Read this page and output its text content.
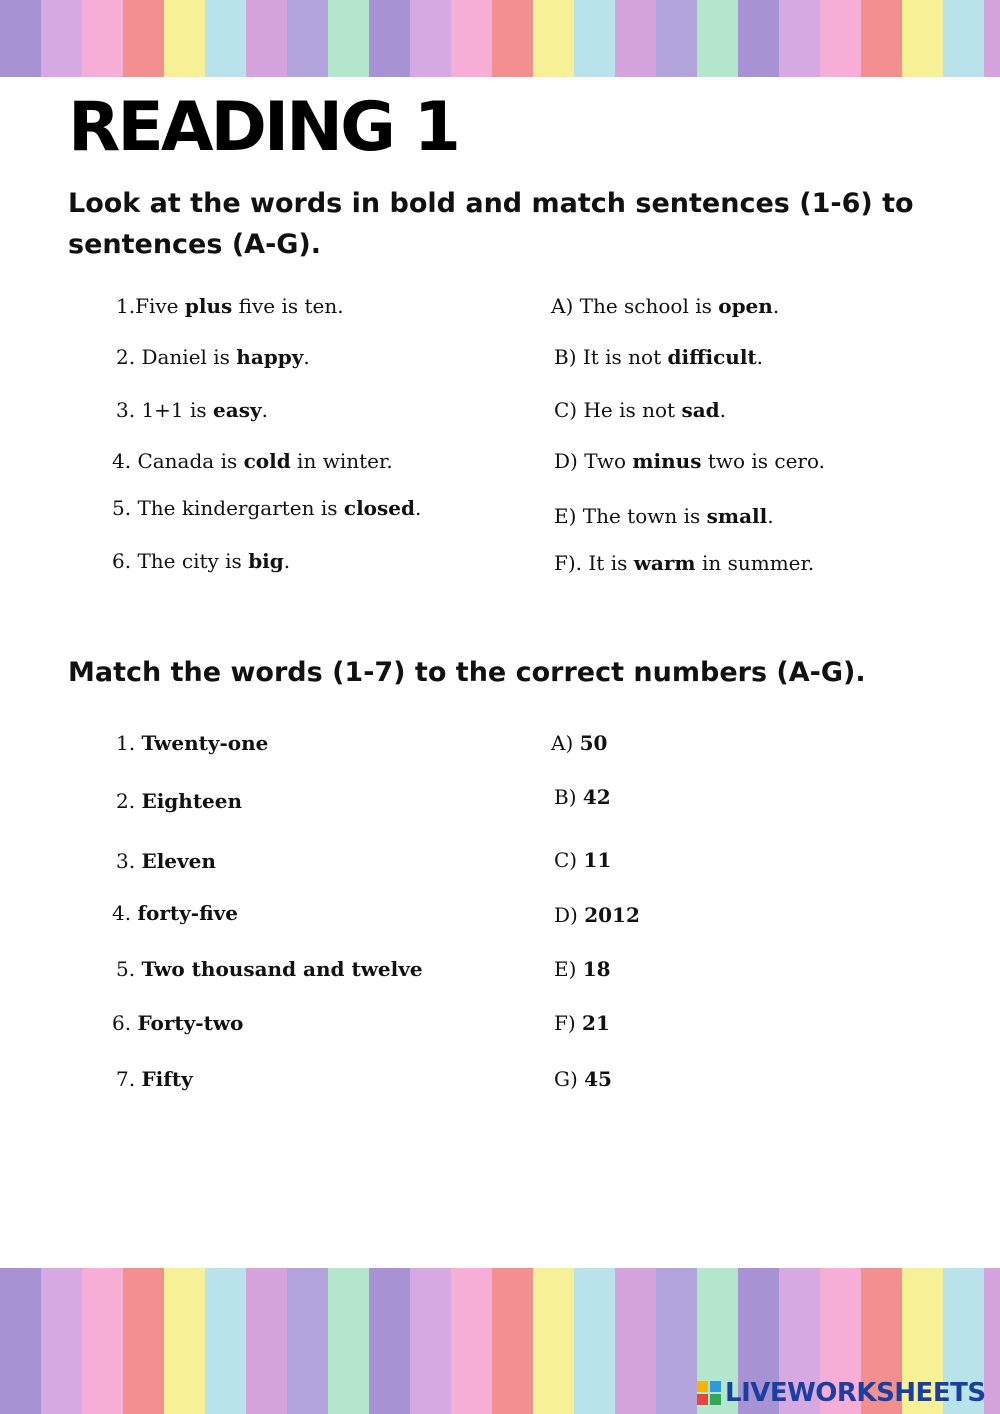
READING 1

Look at the words in bold and match sentences (1-6) to sentences (A-G).

1.Five plus five is ten.
2. Daniel is happy.
3. 1+1 is easy.
4. Canada is cold in winter.
5. The kindergarten is closed.
6. The city is big.
A) The school is open.
B) It is not difficult.
C) He is not sad.
D) Two minus two is cero.
E) The town is small.
F). It is warm in summer.

Match the words (1-7) to the correct numbers (A-G).

1. Twenty-one
2. Eighteen
3. Eleven
4. forty-five
5. Two thousand and twelve
6. Forty-two
7. Fifty
A) 50
B) 42
C) 11
D) 2012
E) 18
F) 21
G) 45
LIVEWORKSHEETS
